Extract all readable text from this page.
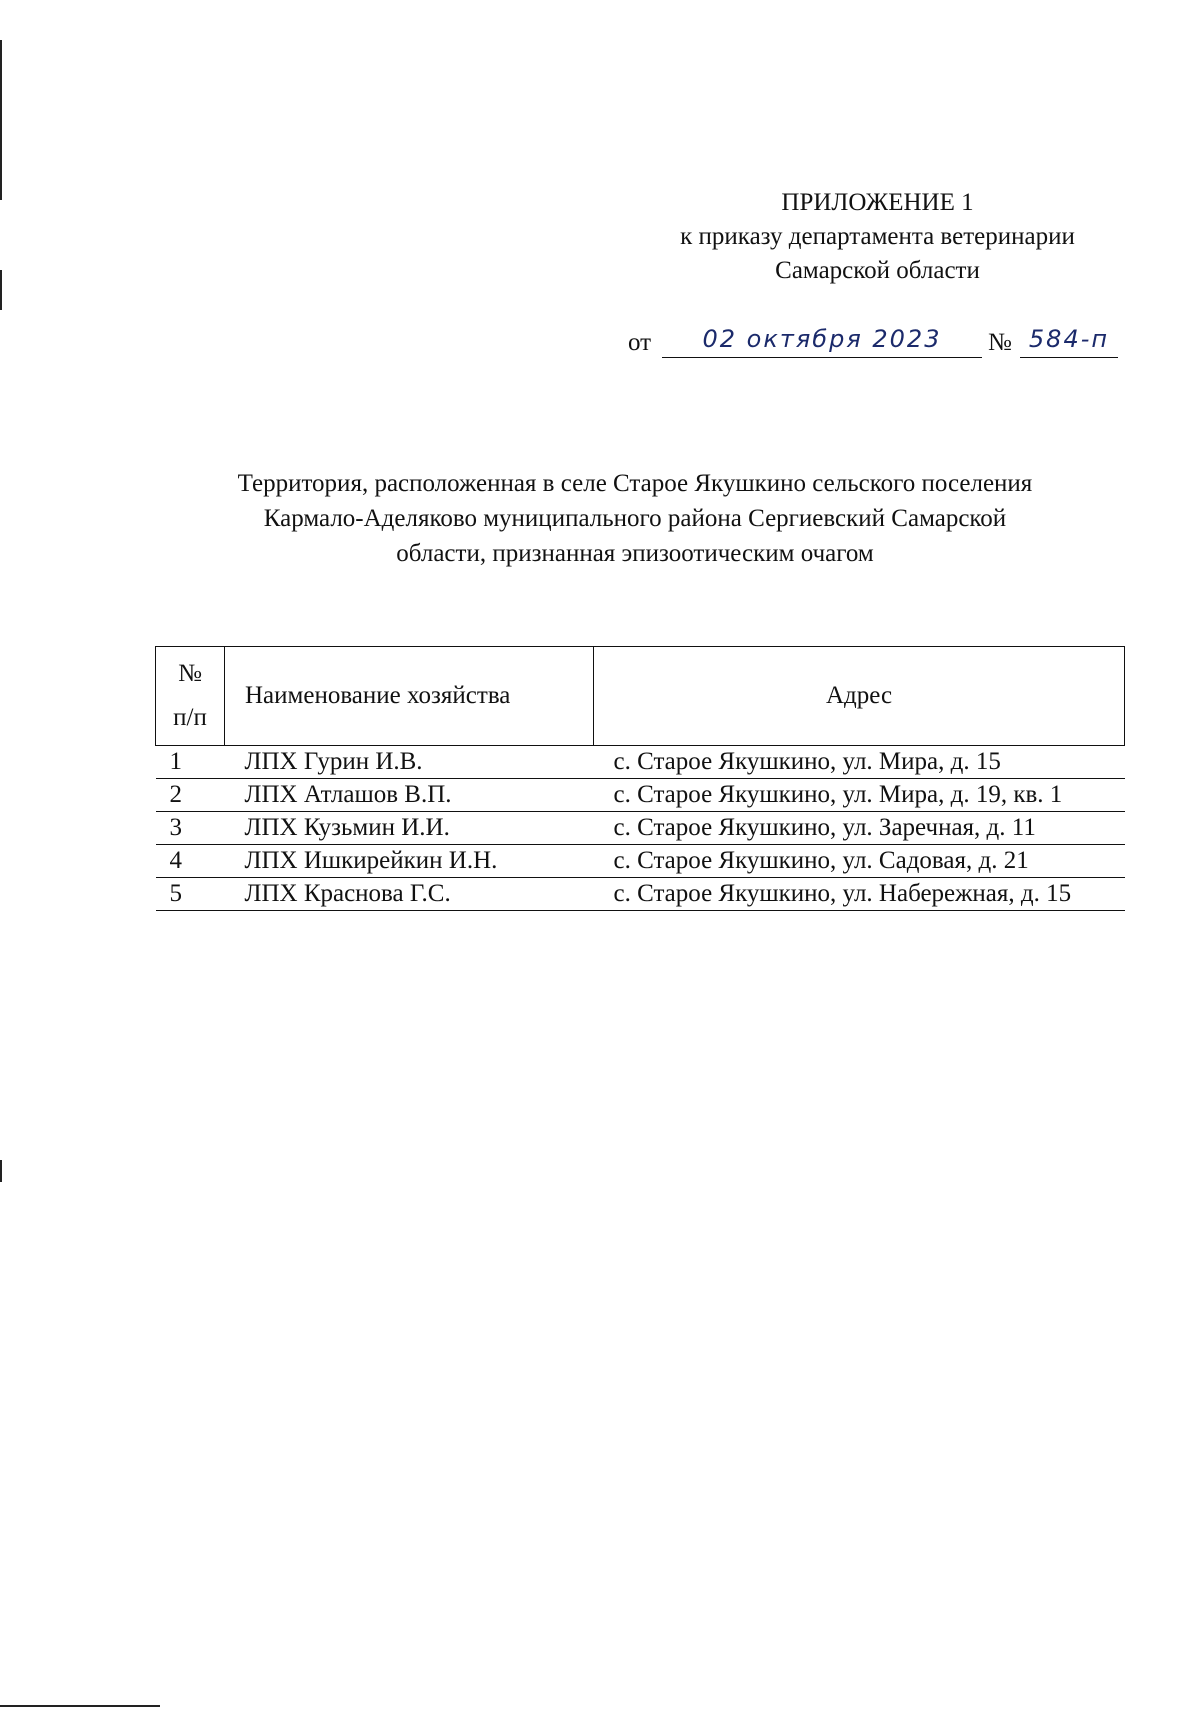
ПРИЛОЖЕНИЕ 1
к приказу департамента ветеринарии
Самарской области
от	02 октября 2023	№ 584-п
Территория, расположенная в селе Старое Якушкино сельского поселения
Кармало-Аделяково муниципального района Сергиевский Самарской
области, признанная эпизоотическим очагом
№
п/п	Наименование хозяйства	Адрес
1	ЛПХ Гурин И.В.	с. Старое Якушкино, ул. Мира, д. 15
2	ЛПХ Атлашов В.П.	с. Старое Якушкино, ул. Мира, д. 19, кв. 1
3	ЛПХ Кузьмин И.И.	с. Старое Якушкино, ул. Заречная, д. 11
4	ЛПХ Ишкирейкин И.Н.	с. Старое Якушкино, ул. Садовая, д. 21
5	ЛПХ Краснова Г.С.	с. Старое Якушкино, ул. Набережная, д. 15
